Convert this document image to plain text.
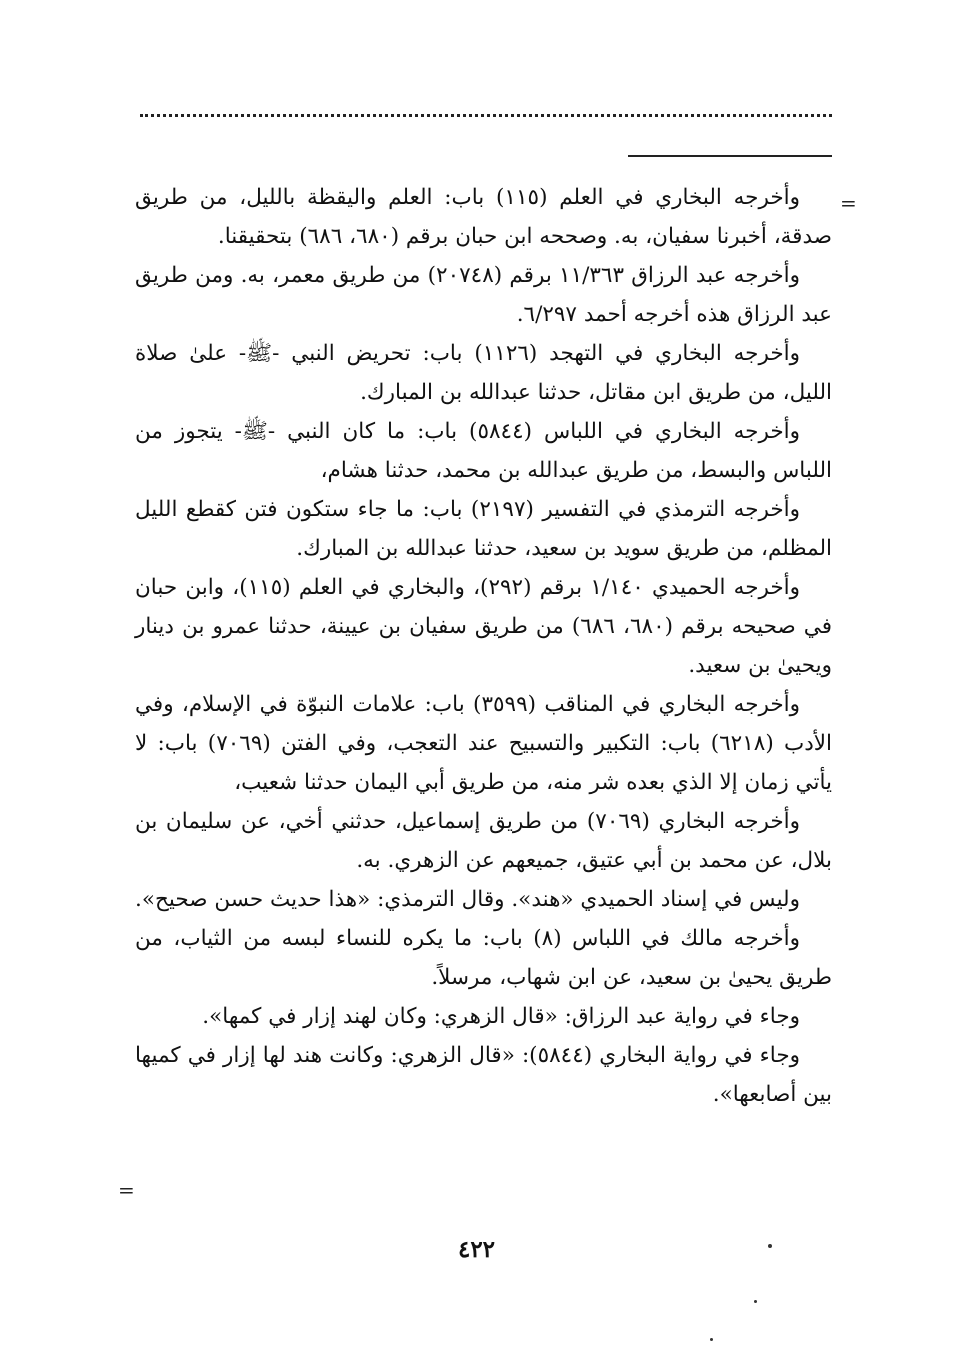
=

وأخرجه البخاري في العلم (١١٥) باب: العلم واليقظة بالليل، من طريق صدقة، أخبرنا سفيان، به. وصححه ابن حبان برقم (٦٨٠، ٦٨٦) بتحقيقنا.

وأخرجه عبد الرزاق ١١/٣٦٣ برقم (٢٠٧٤٨) من طريق معمر، به. ومن طريق عبد الرزاق هذه أخرجه أحمد ٦/٢٩٧.

وأخرجه البخاري في التهجد (١١٢٦) باب: تحريض النبي -ﷺ- علىٰ صلاة الليل، من طريق ابن مقاتل، حدثنا عبدالله بن المبارك.

وأخرجه البخاري في اللباس (٥٨٤٤) باب: ما كان النبي -ﷺ- يتجوز من اللباس والبسط، من طريق عبدالله بن محمد، حدثنا هشام،

وأخرجه الترمذي في التفسير (٢١٩٧) باب: ما جاء ستكون فتن كقطع الليل المظلم، من طريق سويد بن سعيد، حدثنا عبدالله بن المبارك.

وأخرجه الحميدي ١/١٤٠ برقم (٢٩٢)، والبخاري في العلم (١١٥)، وابن حبان في صحيحه برقم (٦٨٠، ٦٨٦) من طريق سفيان بن عيينة، حدثنا عمرو بن دينار ويحيىٰ بن سعيد.

وأخرجه البخاري في المناقب (٣٥٩٩) باب: علامات النبوّة في الإسلام، وفي الأدب (٦٢١٨) باب: التكبير والتسبيح عند التعجب، وفي الفتن (٧٠٦٩) باب: لا يأتي زمان إلا الذي بعده شر منه، من طريق أبي اليمان حدثنا شعيب،

وأخرجه البخاري (٧٠٦٩) من طريق إسماعيل، حدثني أخي، عن سليمان بن بلال، عن محمد بن أبي عتيق، جميعهم عن الزهري. به.

وليس في إسناد الحميدي «هند». وقال الترمذي: «هذا حديث حسن صحيح».

وأخرجه مالك في اللباس (٨) باب: ما يكره للنساء لبسه من الثياب، من طريق يحيىٰ بن سعيد، عن ابن شهاب، مرسلاً.

وجاء في رواية عبد الرزاق: «قال الزهري: وكان لهند إزار في كمها».

وجاء في رواية البخاري (٥٨٤٤): «قال الزهري: وكانت هند لها إزار في كميها بين أصابعها».

=
٤٢٢
